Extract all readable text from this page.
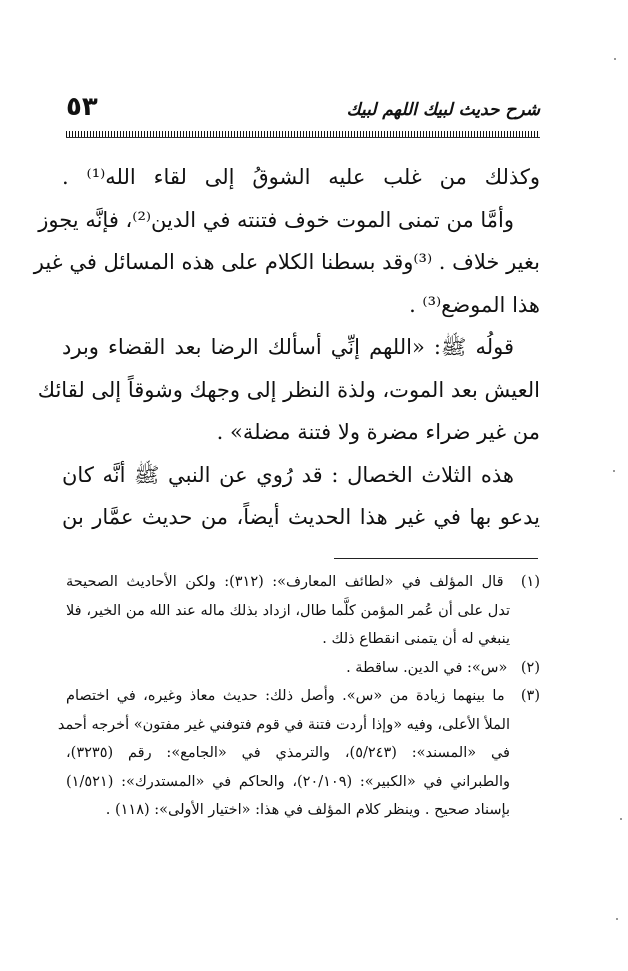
شرح حديث لبيك اللهم لبيك
٥٣
وكذلك من غلب عليه الشوقُ إلى لقاء الله⁽¹⁾ .
وأمَّا من تمنى الموت خوف فتنته في الدين⁽²⁾، فإنَّه يجوز
بغير خلاف . ⁽³⁾وقد بسطنا الكلام على هذه المسائل في غير
هذا الموضع⁽³⁾ .
قولُه ﷺ: «اللهم إنِّي أسألك الرضا بعد القضاء وبرد
العيش بعد الموت، ولذة النظر إلى وجهك وشوقاً إلى لقائك
من غير ضراء مضرة ولا فتنة مضلة» .
هذه الثلاث الخصال : قد رُوي عن النبي ﷺ أنَّه كان
يدعو بها في غير هذا الحديث أيضاً، من حديث عمَّار بن
(١) قال المؤلف في «لطائف المعارف»: (٣١٢): ولكن الأحاديث الصحيحة
تدل على أن عُمر المؤمن كلَّما طال، ازداد بذلك ماله عند الله من الخير، فلا
ينبغي له أن يتمنى انقطاع ذلك .
(٢) «س»: في الدين. ساقطة .
(٣) ما بينهما زيادة من «س». وأصل ذلك: حديث معاذ وغيره، في اختصام
الملأ الأعلى، وفيه «وإذا أردت فتنة في قوم فتوفني غير مفتون» أخرجه أحمد
في «المسند»: (٥/٢٤٣)، والترمذي في «الجامع»: رقم (٣٢٣٥)،
والطبراني في «الكبير»: (٢٠/١٠٩)، والحاكم في «المستدرك»: (١/٥٢١)
بإسناد صحيح . وينظر كلام المؤلف في هذا: «اختيار الأولى»: (١١٨) .
